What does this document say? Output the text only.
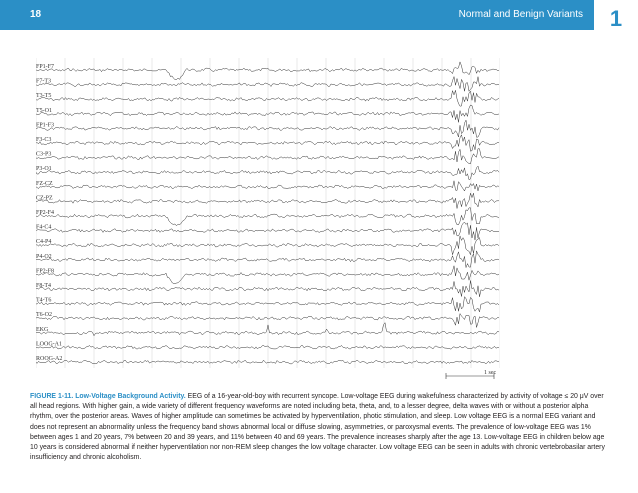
18	Normal and Benign Variants	1
FP1-F7
F7-T3
T3-T5
T5-O1
FP1-F3
F3-C3
C3-P3
P3-O1
FZ-CZ
CZ-PZ
FP2-F4
F4-C4
C4-P4
P4-O2
FP2-F8
F8-T4
T4-T6
T6-O2
EKG
LOOG-A1
ROOG-A2
1 sec
FIGURE 1-11. Low-Voltage Background Activity. EEG of a 16-year-old-boy with recurrent syncope. Low-voltage EEG during wakefulness characterized by activity of voltage ≤ 20 μV over all head regions. With higher gain, a wide variety of different frequency waveforms are noted including beta, theta, and, to a lesser degree, delta waves with or without a posterior alpha rhythm, over the posterior areas. Waves of higher amplitude can sometimes be activated by hyperventilation, photic stimulation, and sleep. Low voltage EEG is a normal EEG variant and does not represent an abnormality unless the frequency band shows abnormal local or diffuse slowing, asymmetries, or paroxysmal events. The prevalence of low-voltage EEG was 1% between ages 1 and 20 years, 7% between 20 and 39 years, and 11% between 40 and 69 years. The prevalence increases sharply after the age 13. Low-voltage EEG in children below age 10 years is considered abnormal if neither hyperventilation nor non-REM sleep changes the low voltage character. Low voltage EEG can be seen in adults with chronic vertebrobasilar artery insufficiency and chronic alcoholism.
